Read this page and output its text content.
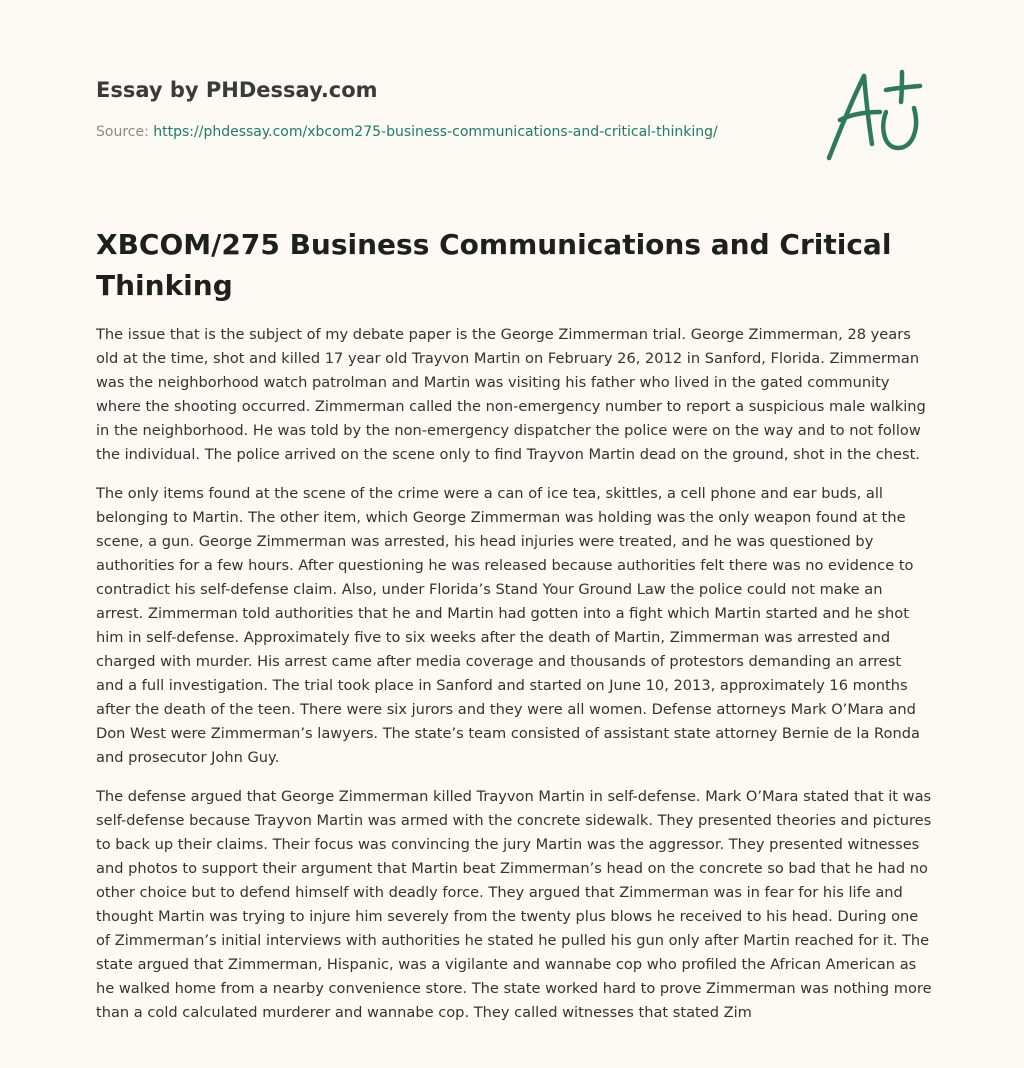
Essay by PHDessay.com
Source: https://phdessay.com/xbcom275-business-communications-and-critical-thinking/
XBCOM/275 Business Communications and Critical Thinking

The issue that is the subject of my debate paper is the George Zimmerman trial. George Zimmerman, 28 years old at the time, shot and killed 17 year old Trayvon Martin on February 26, 2012 in Sanford, Florida. Zimmerman was the neighborhood watch patrolman and Martin was visiting his father who lived in the gated community where the shooting occurred. Zimmerman called the non-emergency number to report a suspicious male walking in the neighborhood. He was told by the non-emergency dispatcher the police were on the way and to not follow the individual. The police arrived on the scene only to find Trayvon Martin dead on the ground, shot in the chest.

The only items found at the scene of the crime were a can of ice tea, skittles, a cell phone and ear buds, all belonging to Martin. The other item, which George Zimmerman was holding was the only weapon found at the scene, a gun. George Zimmerman was arrested, his head injuries were treated, and he was questioned by authorities for a few hours. After questioning he was released because authorities felt there was no evidence to contradict his self-defense claim. Also, under Florida’s Stand Your Ground Law the police could not make an arrest. Zimmerman told authorities that he and Martin had gotten into a fight which Martin started and he shot him in self-defense. Approximately five to six weeks after the death of Martin, Zimmerman was arrested and charged with murder. His arrest came after media coverage and thousands of protestors demanding an arrest and a full investigation. The trial took place in Sanford and started on June 10, 2013, approximately 16 months after the death of the teen. There were six jurors and they were all women. Defense attorneys Mark O’Mara and Don West were Zimmerman’s lawyers. The state’s team consisted of assistant state attorney Bernie de la Ronda and prosecutor John Guy.

The defense argued that George Zimmerman killed Trayvon Martin in self-defense. Mark O’Mara stated that it was self-defense because Trayvon Martin was armed with the concrete sidewalk. They presented theories and pictures to back up their claims. Their focus was convincing the jury Martin was the aggressor. They presented witnesses and photos to support their argument that Martin beat Zimmerman’s head on the concrete so bad that he had no other choice but to defend himself with deadly force. They argued that Zimmerman was in fear for his life and thought Martin was trying to injure him severely from the twenty plus blows he received to his head. During one of Zimmerman’s initial interviews with authorities he stated he pulled his gun only after Martin reached for it. The state argued that Zimmerman, Hispanic, was a vigilante and wannabe cop who profiled the African American as he walked home from a nearby convenience store. The state worked hard to prove Zimmerman was nothing more than a cold calculated murderer and wannabe cop. They called witnesses that stated Zim
